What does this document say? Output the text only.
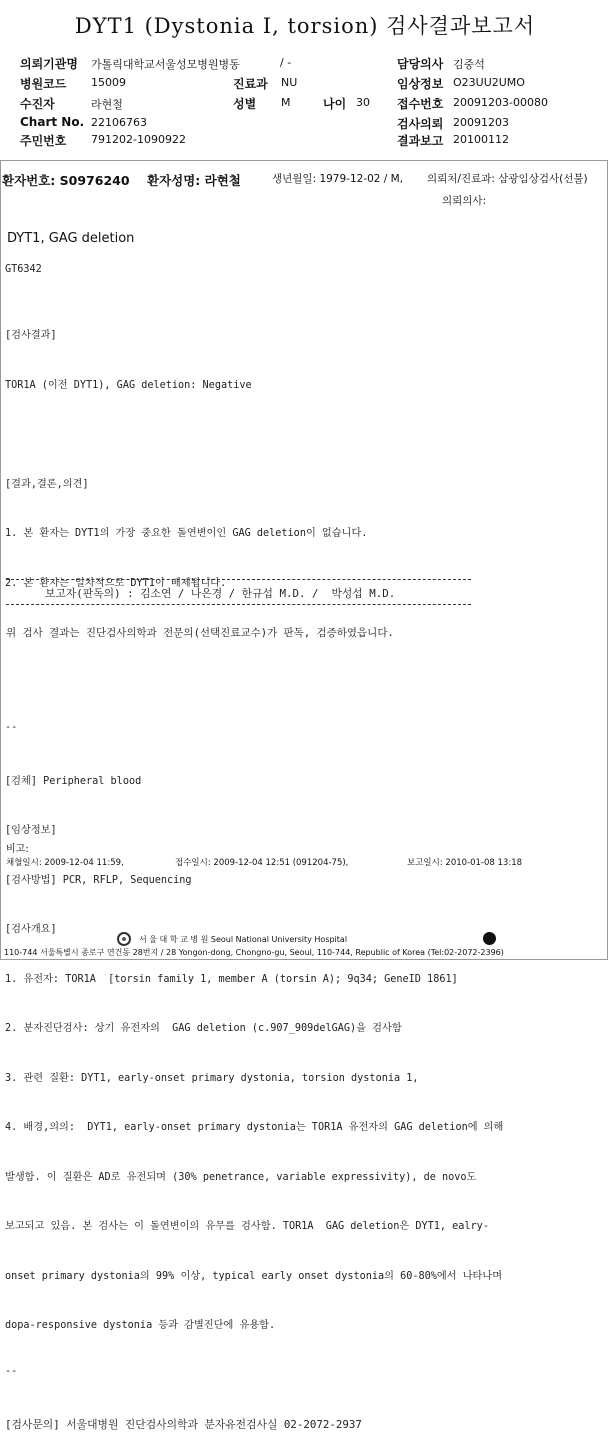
DYT1 (Dystonia I, torsion) 검사결과보고서
의뢰기관명 가톨릭대학교서울성모병원병동	/ -
병원코드 15009
수진자	라현철
Chart No. 22106763
주민번호 791202-1090922
진료과 NU
성별 M	나이 30
담당의사 김중석
임상정보 O23UU2UMO
접수번호 20091203-00080
검사의뢰 20091203
결과보고 20100112
환자번호: S0976240 환자성명: 라현철	생년월일: 1979-12-02 / M, 의뢰처/진료과: 삼광임상검사(선불)
의뢰의사:
DYT1, GAG deletion
GT6342

[검사결과]

TOR1A (이전 DYT1), GAG deletion: Negative

[결과,결론,의견]

1. 본 환자는 DYT1의 가장 중요한 돌연변이인 GAG deletion이 없습니다.

2. 본 환자는 일차적으로 DYT1이 배제됩니다.

--

[검체] Peripheral blood

[임상정보]

[검사방법] PCR, RFLP, Sequencing

[검사개요]

1. 유전자: TOR1A  [torsin family 1, member A (torsin A); 9q34; GeneID 1861]

2. 분자진단검사: 상기 유전자의  GAG deletion (c.907_909delGAG)을 검사함

3. 관련 질환: DYT1, early-onset primary dystonia, torsion dystonia 1,

4. 배경,의의:  DYT1, early-onset primary dystonia는 TOR1A 유전자의 GAG deletion에 의해

발생함. 이 질환은 AD로 유전되며 (30% penetrance, variable expressivity), de novo도

보고되고 있음. 본 검사는 이 돌연변이의 유무를 검사함. TOR1A  GAG deletion은 DYT1, ealry-

onset primary dystonia의 99% 이상, typical early onset dystonia의 60-80%에서 나타나며

dopa-responsive dystonia 등과 감별진단에 유용함.

--

[검사문의] 서울대병원 진단검사의학과 분자유전검사실 02-2072-2937

보고자(판독의) : 김소연 / 나은경 / 한규섭 M.D. /  박성섭 M.D.
위 검사 결과는 진단검사의학과 전문의(선택진료교수)가 판독, 검증하였읍니다.
비고:
채혈일시: 2009-12-04 11:59,	접수일시: 2009-12-04 12:51 (091204-75),	보고일시: 2010-01-08 13:18
서 울 대 학 교 병 원 Seoul National University Hospital
110-744 서울특별시 종로구 연건동 28번지 / 28 Yongon-dong, Chongno-gu, Seoul, 110-744, Republic of Korea (Tel:02-2072-2396)
